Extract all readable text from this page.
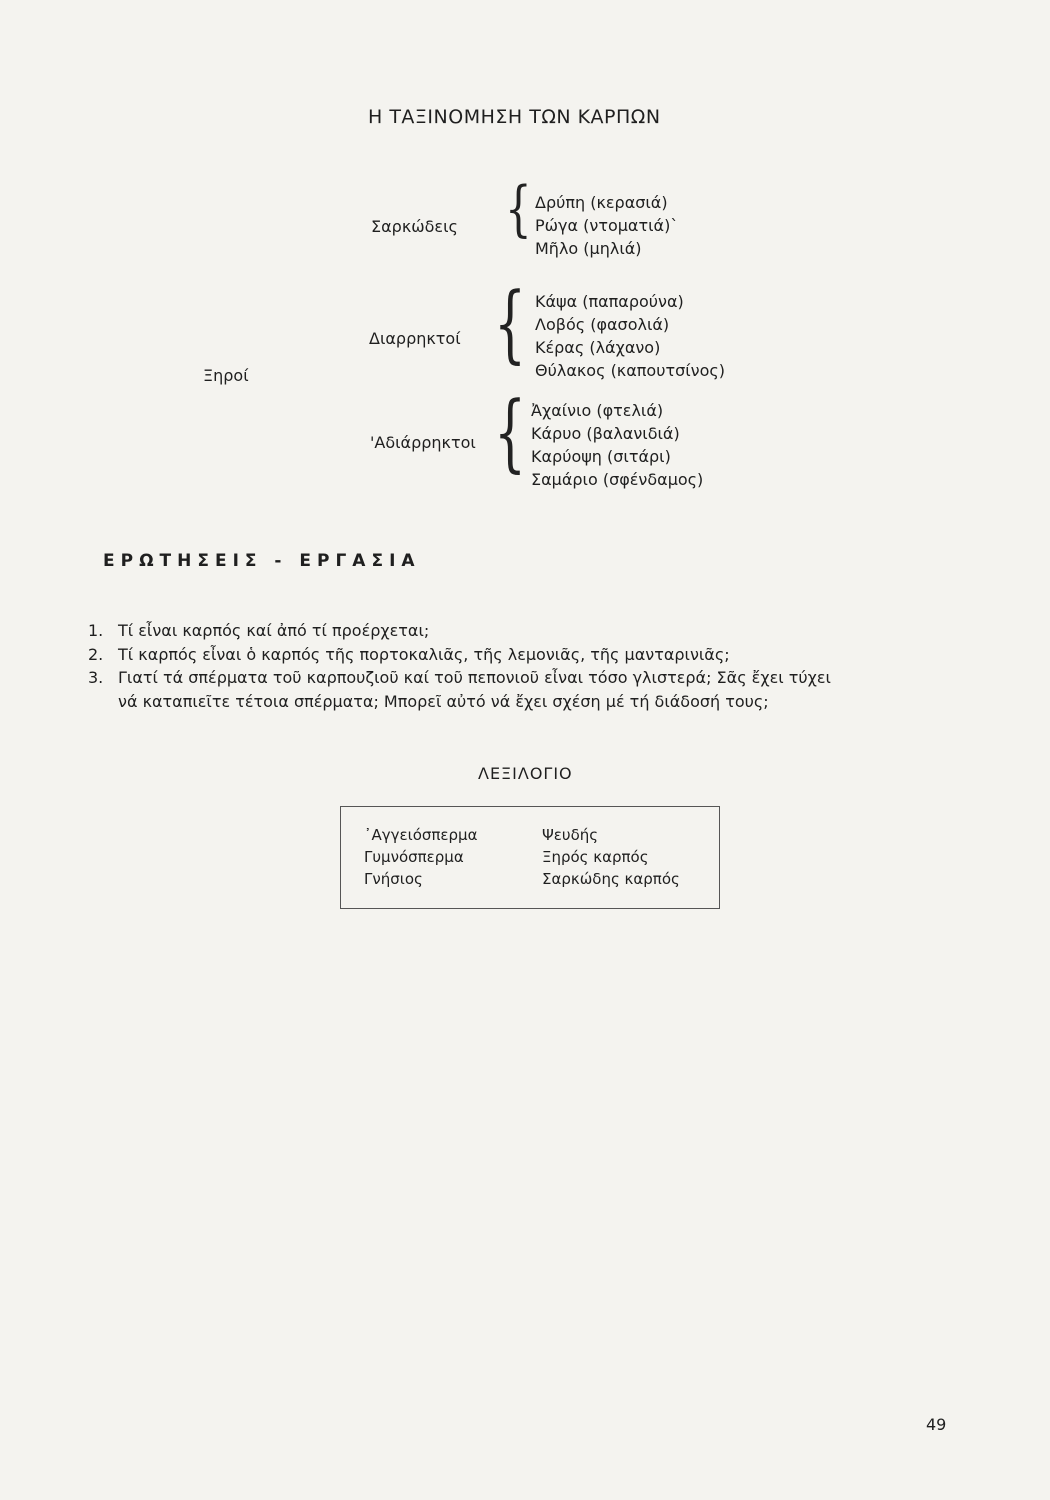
Η ΤΑΞΙΝΟΜΗΣΗ ΤΩΝ ΚΑΡΠΩΝ
Σαρκώδεις { Δρύπη (κερασιά)
Ρώγα (ντοματιά)`
Μῆλο (μηλιά)
Ξηροί
Διαρρηκτοί { Κάψα (παπαρούνα)
Λοβός (φασολιά)
Κέρας (λάχανο)
Θύλακος (καπουτσίνος)
'Αδιάρρηκτοι { Ἀχαίνιο (φτελιά)
Κάρυο (βαλανιδιά)
Καρύοψη (σιτάρι)
Σαμάριο (σφένδαμος)
ΕΡΩΤΗΣΕΙΣ - ΕΡΓΑΣΙΑ
1. Τί εἶναι καρπός καί ἀπό τί προέρχεται;
2. Τί καρπός εἶναι ὁ καρπός τῆς πορτοκαλιᾶς, τῆς λεμονιᾶς, τῆς μανταρινιᾶς;
3. Γιατί τά σπέρματα τοῦ καρπουζιοῦ καί τοῦ πεπονιοῦ εἶναι τόσο γλιστερά; Σᾶς ἔχει τύχει
νά καταπιεῖτε τέτοια σπέρματα; Μπορεῖ αὐτό νά ἔχει σχέση μέ τή διάδοσή τους;
ΛΕΞΙΛΟΓΙΟ
᾿Αγγειόσπερμα
Γυμνόσπερμα
Γνήσιος
Ψευδής
Ξηρός καρπός
Σαρκώδης καρπός
49
